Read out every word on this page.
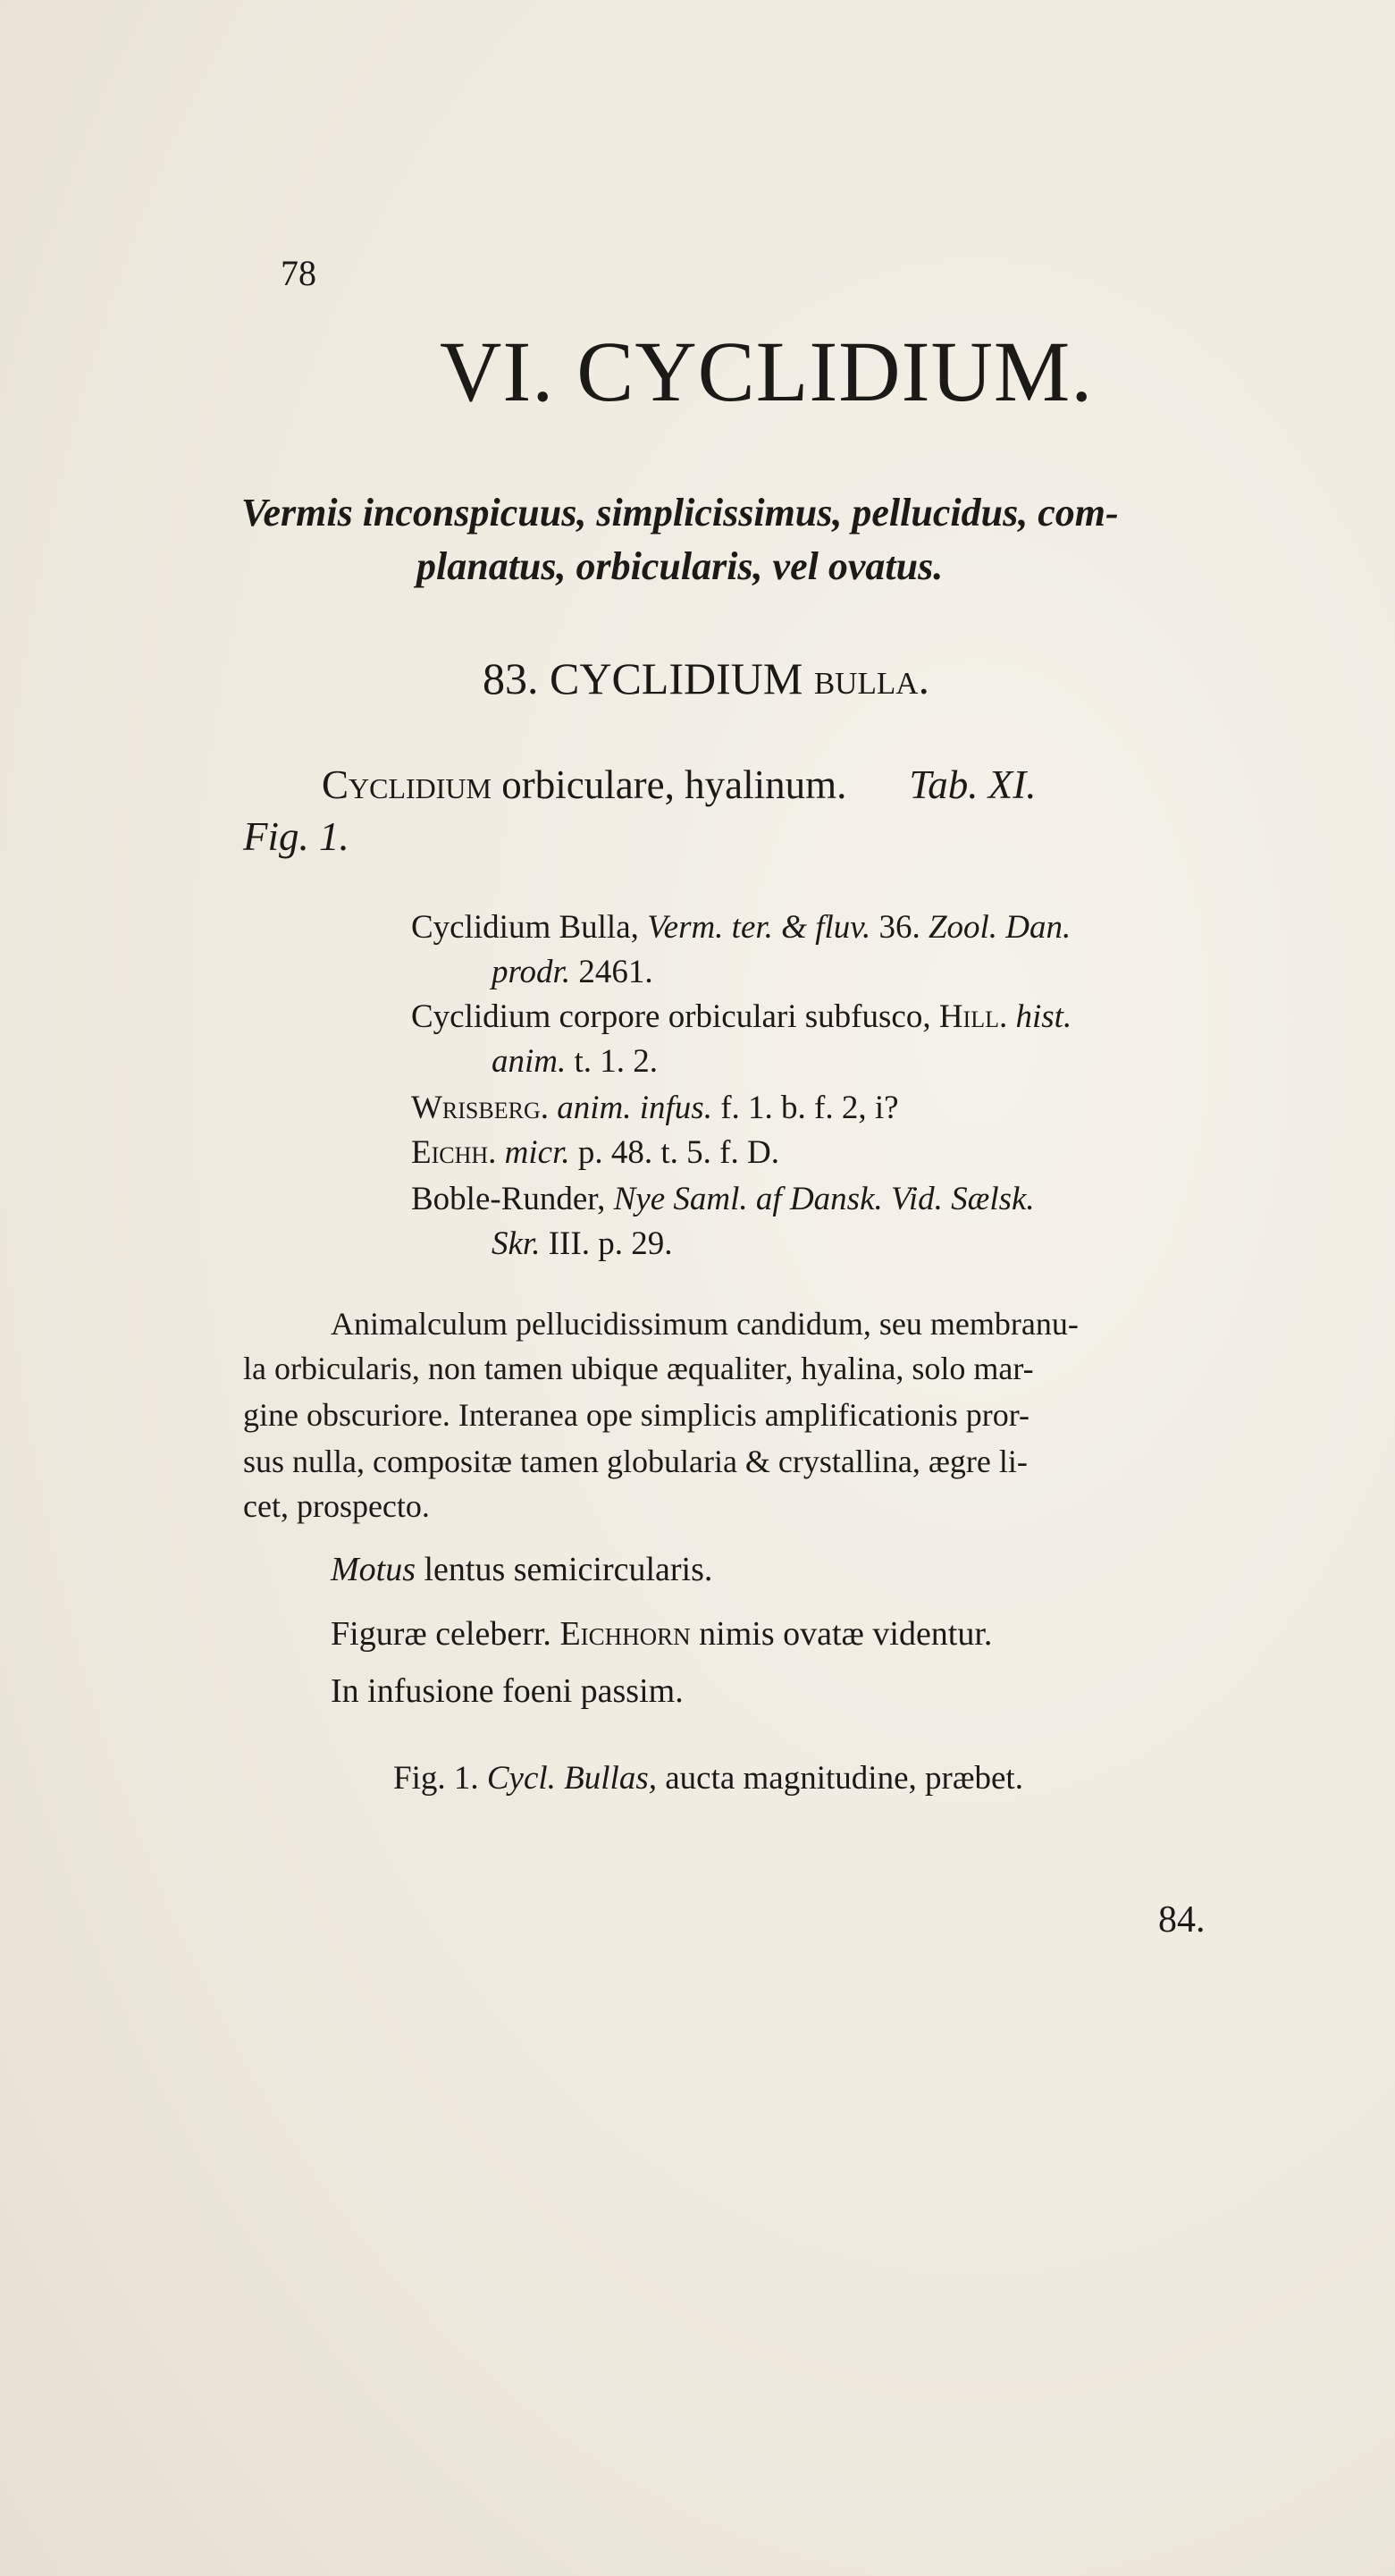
78

VI. CYCLIDIUM.

Vermis inconspicuus, simplicissimus, pellucidus, com-

planatus, orbicularis, vel ovatus.

83. CYCLIDIUM bulla.

Cyclidium orbiculare, hyalinum. Tab. XI.

Fig. 1.

Cyclidium Bulla, Verm. ter. & fluv. 36. Zool. Dan.

prodr. 2461.

Cyclidium corpore orbiculari subfusco, Hill. hist.

anim. t. 1. 2.

Wrisberg. anim. infus. f. 1. b. f. 2, i?

Eichh. micr. p. 48. t. 5. f. D.

Boble-Runder, Nye Saml. af Dansk. Vid. Sælsk.

Skr. III. p. 29.

Animalculum pellucidissimum candidum, seu membranu-

la orbicularis, non tamen ubique æqualiter, hyalina, solo mar-

gine obscuriore. Interanea ope simplicis amplificationis pror-

sus nulla, compositæ tamen globularia & crystallina, ægre li-

cet, prospecto.

Motus lentus semicircularis.

Figuræ celeberr. Eichhorn nimis ovatæ videntur.

In infusione foeni passim.

Fig. 1. Cycl. Bullas, aucta magnitudine, præbet.

84.
